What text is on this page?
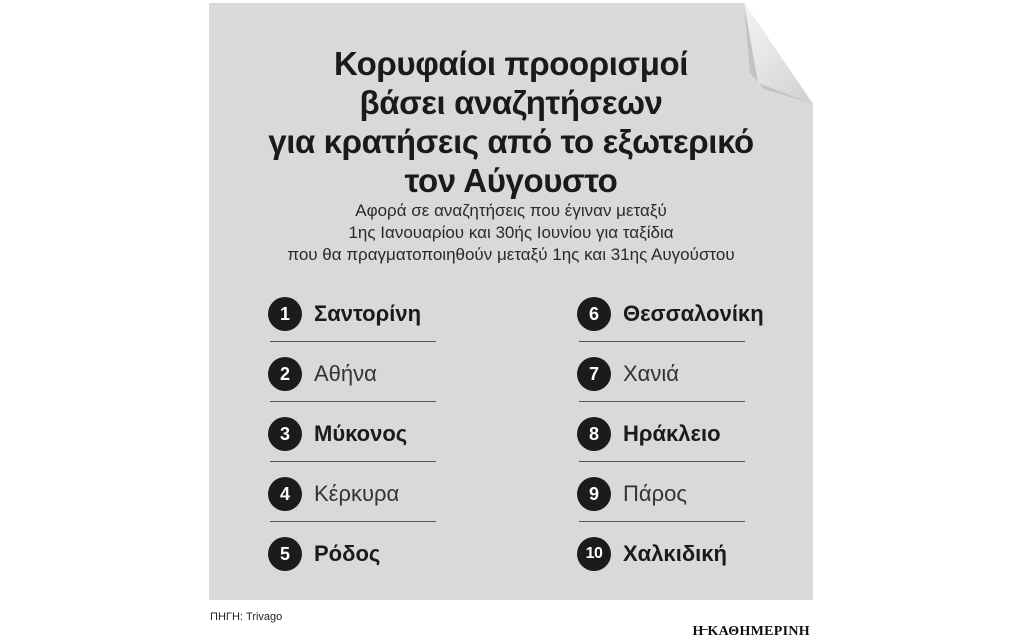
Κορυφαίοι προορισμοί
βάσει αναζητήσεων
για κρατήσεις από το εξωτερικό
τον Αύγουστο

Αφορά σε αναζητήσεις που έγιναν μεταξύ
1ης Ιανουαρίου και 30ής Ιουνίου για ταξίδια
που θα πραγματοποιηθούν μεταξύ 1ης και 31ης Αυγούστου

1	Σαντορίνη
2	Αθήνα
3	Μύκονος
4	Κέρκυρα
5	Ρόδος
6	Θεσσαλονίκη
7	Χανιά
8	Ηράκλειο
9	Πάρος
10 Χαλκιδική
ΠΗΓΗ: Trivago
Η ΚΑΘΗΜΕΡΙΝΗ
